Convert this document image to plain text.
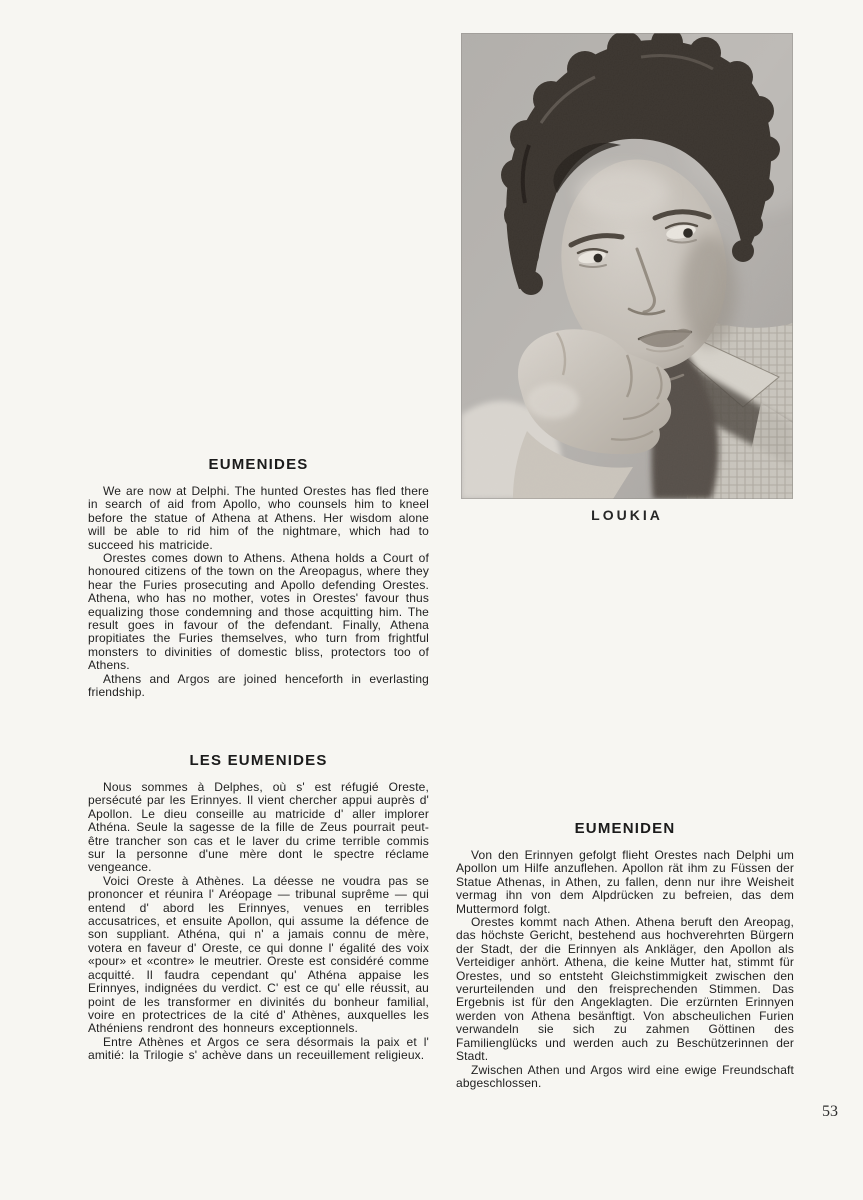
LOUKIA
EUMENIDES

We are now at Delphi. The hunted Orestes has fled there in search of aid from Apollo, who counsels him to kneel before the statue of Athena at Athens. Her wisdom alone will be able to rid him of the nightmare, which had to succeed his matricide.

Orestes comes down to Athens. Athena holds a Court of honoured citizens of the town on the Areopagus, where they hear the Furies prosecuting and Apollo defending Orestes. Athena, who has no mother, votes in Orestes' favour thus equalizing those condemning and those acquitting him. The result goes in favour of the defendant. Finally, Athena propitiates the Furies themselves, who turn from frightful monsters to divinities of domestic bliss, protectors too of Athens.

Athens and Argos are joined henceforth in everlasting friendship.

LES EUMENIDES

Nous sommes à Delphes, où s' est réfugié Oreste, persécuté par les Erinnyes. Il vient chercher appui auprès d' Apollon. Le dieu conseille au matricide d' aller implorer Athéna. Seule la sagesse de la fille de Zeus pourrait peut-être trancher son cas et le laver du crime terrible commis sur la personne d'une mère dont le spectre réclame vengeance.

Voici Oreste à Athènes. La déesse ne voudra pas se prononcer et réunira l' Aréopage — tribunal suprême — qui entend d' abord les Erinnyes, venues en terribles accusatrices, et ensuite Apollon, qui assume la défence de son suppliant. Athéna, qui n' a jamais connu de mère, votera en faveur d' Oreste, ce qui donne l' égalité des voix «pour» et «contre» le meutrier. Oreste est considéré comme acquitté. Il faudra cependant qu' Athéna appaise les Erinnyes, indignées du verdict. C' est ce qu' elle réussit, au point de les transformer en divinités du bonheur familial, voire en protectrices de la cité d' Athènes, auxquelles les Athéniens rendront des honneurs exceptionnels.

Entre Athènes et Argos ce sera désormais la paix et l' amitié: la Trilogie s' achève dans un receuillement religieux.

EUMENIDEN

Von den Erinnyen gefolgt flieht Orestes nach Delphi um Apollon um Hilfe anzuflehen. Apollon rät ihm zu Füssen der Statue Athenas, in Athen, zu fallen, denn nur ihre Weisheit vermag ihn von dem Alpdrücken zu befreien, das dem Muttermord folgt.

Orestes kommt nach Athen. Athena beruft den Areopag, das höchste Gericht, bestehend aus hochverehrten Bürgern der Stadt, der die Erinnyen als Ankläger, den Apollon als Verteidiger anhört. Athena, die keine Mutter hat, stimmt für Orestes, und so entsteht Gleichstimmigkeit zwischen den verurteilenden und den freisprechenden Stimmen. Das Ergebnis ist für den Angeklagten. Die erzürnten Erinnyen werden von Athena besänftigt. Von abscheulichen Furien verwandeln sie sich zu zahmen Göttinen des Familienglücks und werden auch zu Beschützerinnen der Stadt.

Zwischen Athen und Argos wird eine ewige Freundschaft abgeschlossen.

53
